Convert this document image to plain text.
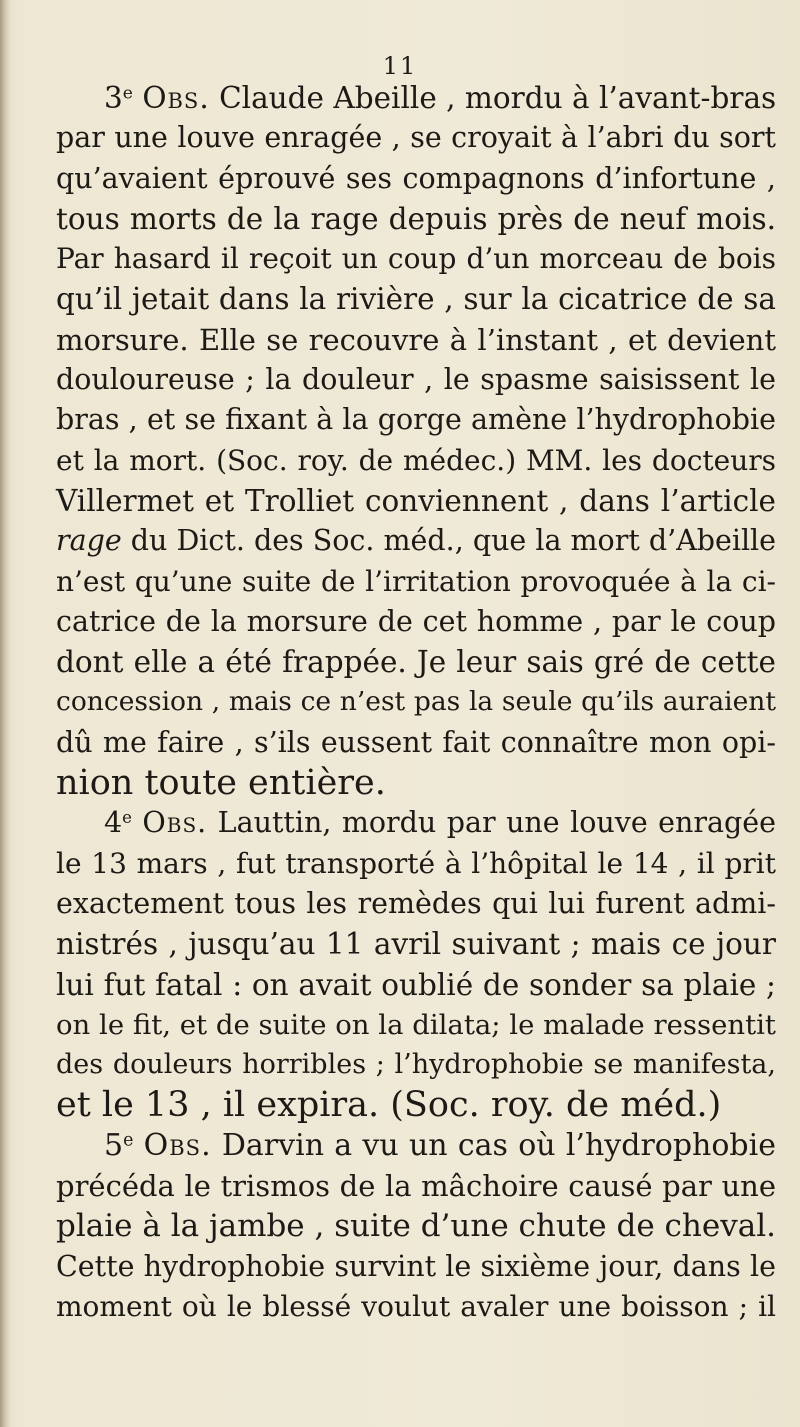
11
3e Obs. Claude Abeille , mordu à l’avant-bras
par une louve enragée , se croyait à l’abri du sort
qu’avaient éprouvé ses compagnons d’infortune ,
tous morts de la rage depuis près de neuf mois.
Par hasard il reçoit un coup d’un morceau de bois
qu’il jetait dans la rivière , sur la cicatrice de sa
morsure. Elle se recouvre à l’instant , et devient
douloureuse ; la douleur , le spasme saisissent le
bras , et se fixant à la gorge amène l’hydrophobie
et la mort. (Soc. roy. de médec.) MM. les docteurs
Villermet et Trolliet conviennent , dans l’article
rage du Dict. des Soc. méd., que la mort d’Abeille
n’est qu’une suite de l’irritation provoquée à la ci-
catrice de la morsure de cet homme , par le coup
dont elle a été frappée. Je leur sais gré de cette
concession , mais ce n’est pas la seule qu’ils auraient
dû me faire , s’ils eussent fait connaître mon opi-
nion toute entière.
4e Obs. Lauttin, mordu par une louve enragée
le 13 mars , fut transporté à l’hôpital le 14 , il prit
exactement tous les remèdes qui lui furent admi-
nistrés , jusqu’au 11 avril suivant ; mais ce jour
lui fut fatal : on avait oublié de sonder sa plaie ;
on le fit, et de suite on la dilata; le malade ressentit
des douleurs horribles ; l’hydrophobie se manifesta,
et le 13 , il expira. (Soc. roy. de méd.)
5e Obs. Darvin a vu un cas où l’hydrophobie
précéda le trismos de la mâchoire causé par une
plaie à la jambe , suite d’une chute de cheval.
Cette hydrophobie survint le sixième jour, dans le
moment où le blessé voulut avaler une boisson ; il
